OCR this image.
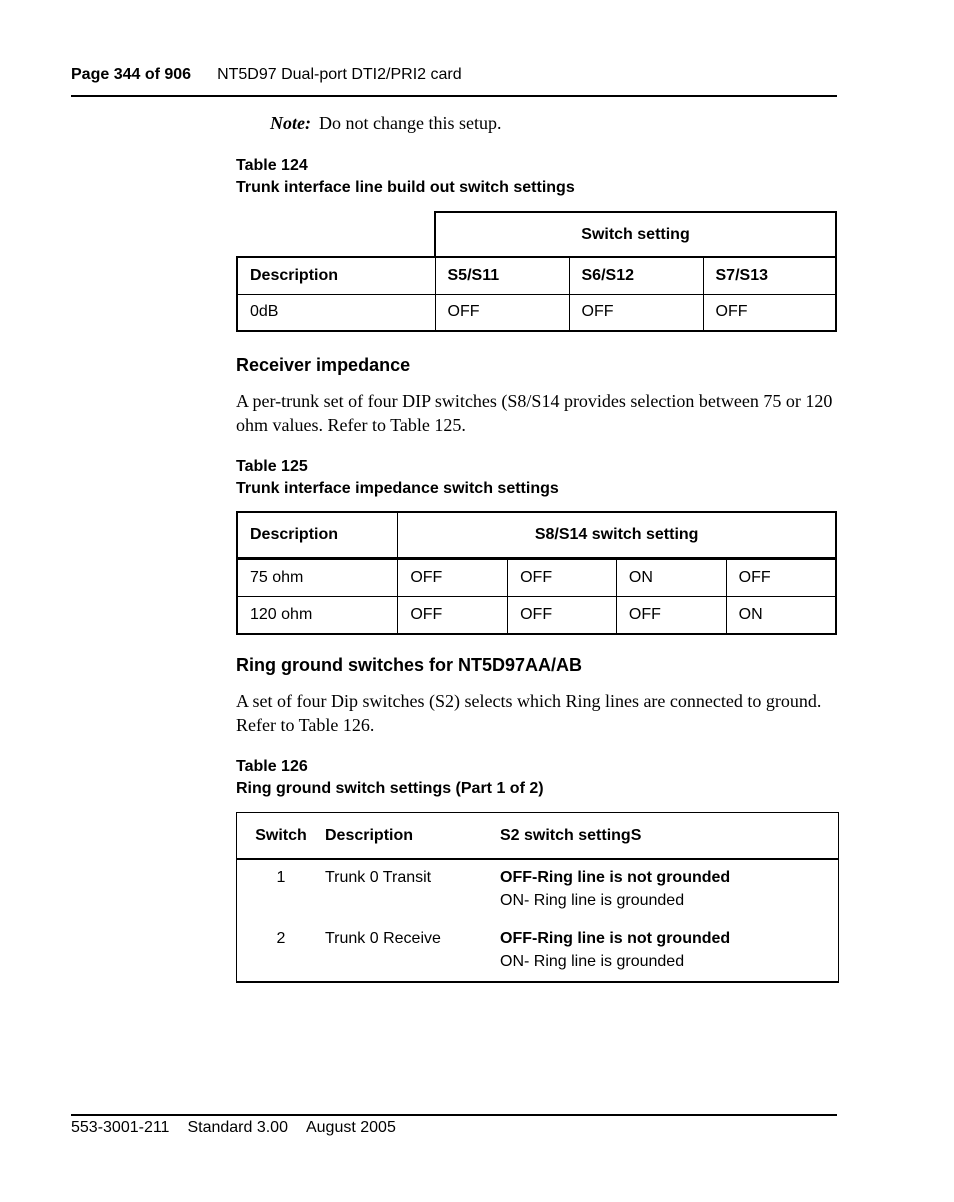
Page 344 of 906 NT5D97 Dual-port DTI2/PRI2 card
Note: Do not change this setup.
Table 124
Trunk interface line build out switch settings
	Switch setting		
Description	S5/S11	S6/S12	S7/S13
0dB	OFF	OFF	OFF
Receiver impedance
A per-trunk set of four DIP switches (S8/S14 provides selection between 75 or 120 ohm values. Refer to Table 125.
Table 125
Trunk interface impedance switch settings
Description	S8/S14 switch setting			
75 ohm	OFF	OFF	ON	OFF
120 ohm	OFF	OFF	OFF	ON
Ring ground switches for NT5D97AA/AB
A set of four Dip switches (S2) selects which Ring lines are connected to ground. Refer to Table 126.
Table 126
Ring ground switch settings (Part 1 of 2)
Switch	Description	S2 switch settingS
1	Trunk 0 Transit	OFF-Ring line is not grounded
ON- Ring line is grounded
2	Trunk 0 Receive	OFF-Ring line is not grounded
ON- Ring line is grounded
553-3001-211 Standard 3.00 August 2005
